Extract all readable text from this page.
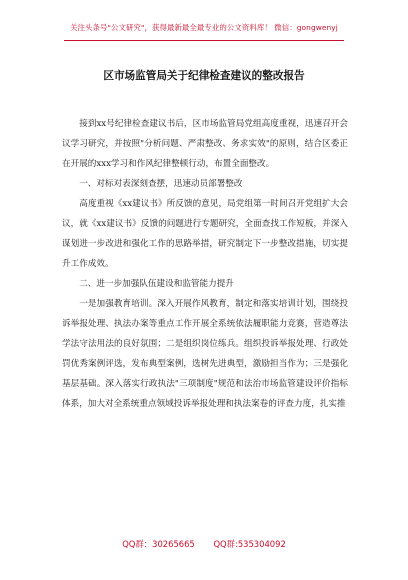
关注头条号"公文研究"，获得最新最全最专业的公文资料库！ 微信：gongwenyj
区市场监管局关于纪律检查建议的整改报告

接到xx号纪律检查建议书后，区市场监管局党组高度重视，迅速召开会议学习研究，并按照"分析问题、严肃整改、务求实效"的原则，结合区委正在开展的xxx学习和作风纪律整顿行动，布置全面整改。

一、对标对表深刻查摆，迅速动员部署整改

高度重视《xx建议书》所反馈的意见，局党组第一时间召开党组扩大会议，就《xx建议书》反馈的问题进行专题研究，全面查找工作短板，并深入谋划进一步改进和强化工作的思路举措，研究制定下一步整改措施，切实提升工作成效。

二、进一步加强队伍建设和监管能力提升

一是加强教育培训。深入开展作风教育，制定和落实培训计划，围绕投诉举报处理、执法办案等重点工作开展全系统依法履职能力竞赛，营造尊法学法守法用法的良好氛围；二是组织岗位练兵。组织投诉举报处理、行政处罚优秀案例评选，发布典型案例，选树先进典型，激励担当作为；三是强化基层基础。深入落实行政执法"三项制度"规范和法治市场监管建设评价指标体系，加大对全系统重点领域投诉举报处理和执法案卷的评查力度，扎实推

QQ群：30265665 QQ群:535304092
